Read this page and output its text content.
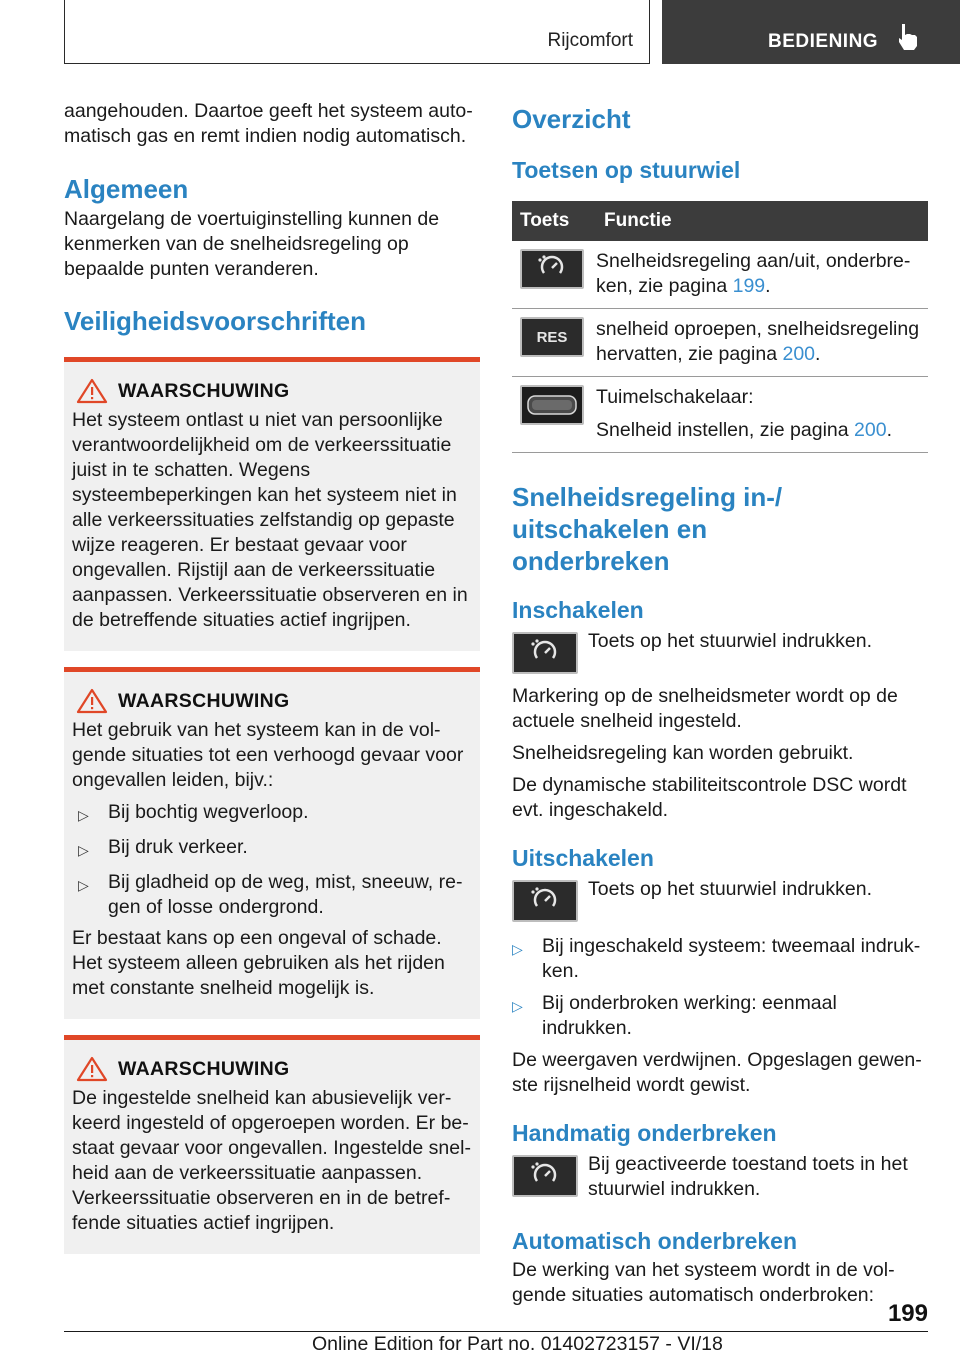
Rijcomfort	BEDIENING

aangehouden. Daartoe geeft het systeem automatisch gas en remt indien nodig automatisch.

Algemeen

Naargelang de voertuiginstelling kunnen de kenmerken van de snelheidsregeling op bepaalde punten veranderen.

Veiligheidsvoorschriften
WAARSCHUWING

Het systeem ontlast u niet van persoonlijke verantwoordelijkheid om de verkeerssituatie juist in te schatten. Wegens systeembeperkingen kan het systeem niet in alle verkeerssituaties zelfstandig op gepaste wijze reageren. Er bestaat gevaar voor ongevallen. Rijstijl aan de verkeerssituatie aanpassen. Verkeerssituatie observeren en in de betreffende situaties actief ingrijpen.

WAARSCHUWING

Het gebruik van het systeem kan in de volgende situaties tot een verhoogd gevaar voor ongevallen leiden, bijv.:

▷ Bij bochtig wegverloop.
▷ Bij druk verkeer.
▷ Bij gladheid op de weg, mist, sneeuw, regen of losse ondergrond.

Er bestaat kans op een ongeval of schade. Het systeem alleen gebruiken als het rijden met constante snelheid mogelijk is.

WAARSCHUWING

De ingestelde snelheid kan abusievelijk verkeerd ingesteld of opgeroepen worden. Er bestaat gevaar voor ongevallen. Ingestelde snelheid aan de verkeerssituatie aanpassen. Verkeerssituatie observeren en in de betreffende situaties actief ingrijpen.

Overzicht
Toetsen op stuurwiel
Toets	Functie

	Snelheidsregeling aan/uit, onderbreken, zie pagina 199.

RES	snelheid oproepen, snelheidsregeling hervatten, zie pagina 200.

Tuimelschakelaar:
Snelheid instellen, zie pagina 200.
Snelheidsregeling in-/ uitschakelen en onderbreken
Inschakelen
Toets op het stuurwiel indrukken.

Markering op de snelheidsmeter wordt op de actuele snelheid ingesteld.

Snelheidsregeling kan worden gebruikt.

De dynamische stabiliteitscontrole DSC wordt evt. ingeschakeld.

Uitschakelen
Toets op het stuurwiel indrukken.
▷ Bij ingeschakeld systeem: tweemaal indrukken.
▷ Bij onderbroken werking: eenmaal indrukken.

De weergaven verdwijnen. Opgeslagen gewenste rijsnelheid wordt gewist.

Handmatig onderbreken
Bij geactiveerde toestand toets in het stuurwiel indrukken.
Automatisch onderbreken

De werking van het systeem wordt in de volgende situaties automatisch onderbroken:

199
Online Edition for Part no. 01402723157 - VI/18
